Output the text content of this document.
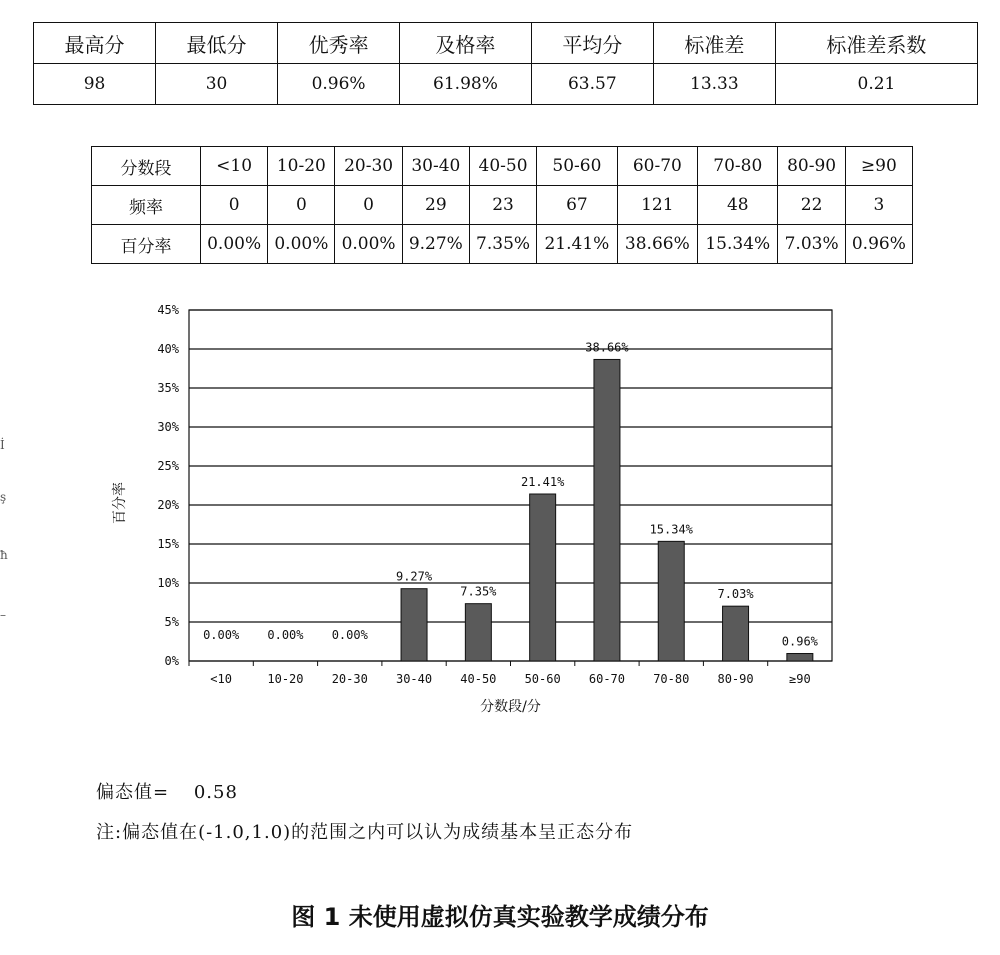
最高分	最低分	优秀率	及格率	平均分	标准差	标准差系数
98	30	0.96%	61.98%	63.57	13.33	0.21
分数段	<10	10-20	20-30	30-40	40-50	50-60	60-70	70-80	80-90	≥90
频率	0	0	0	29	23	67	121	48	22	3
百分率	0.00%	0.00%	0.00%	9.27%	7.35%	21.41%	38.66%	15.34%	7.03%	0.96%
İ
ş
ħ
–
0%
5%
10%
15%
20%
25%
30%
35%
40%
45%
<10	10-20 20-30 30-40 40-50 50-60 60-70 70-80 80-90	≥90
0.00% 0.00% 0.00%
9.27%
7.35%
21.41%
38.66%
15.34%
7.03%
0.96%
百分率
分数段/分
偏态值= 0.58
注:偏态值在(-1.0,1.0)的范围之内可以认为成绩基本呈正态分布
图 1 未使用虚拟仿真实验教学成绩分布
